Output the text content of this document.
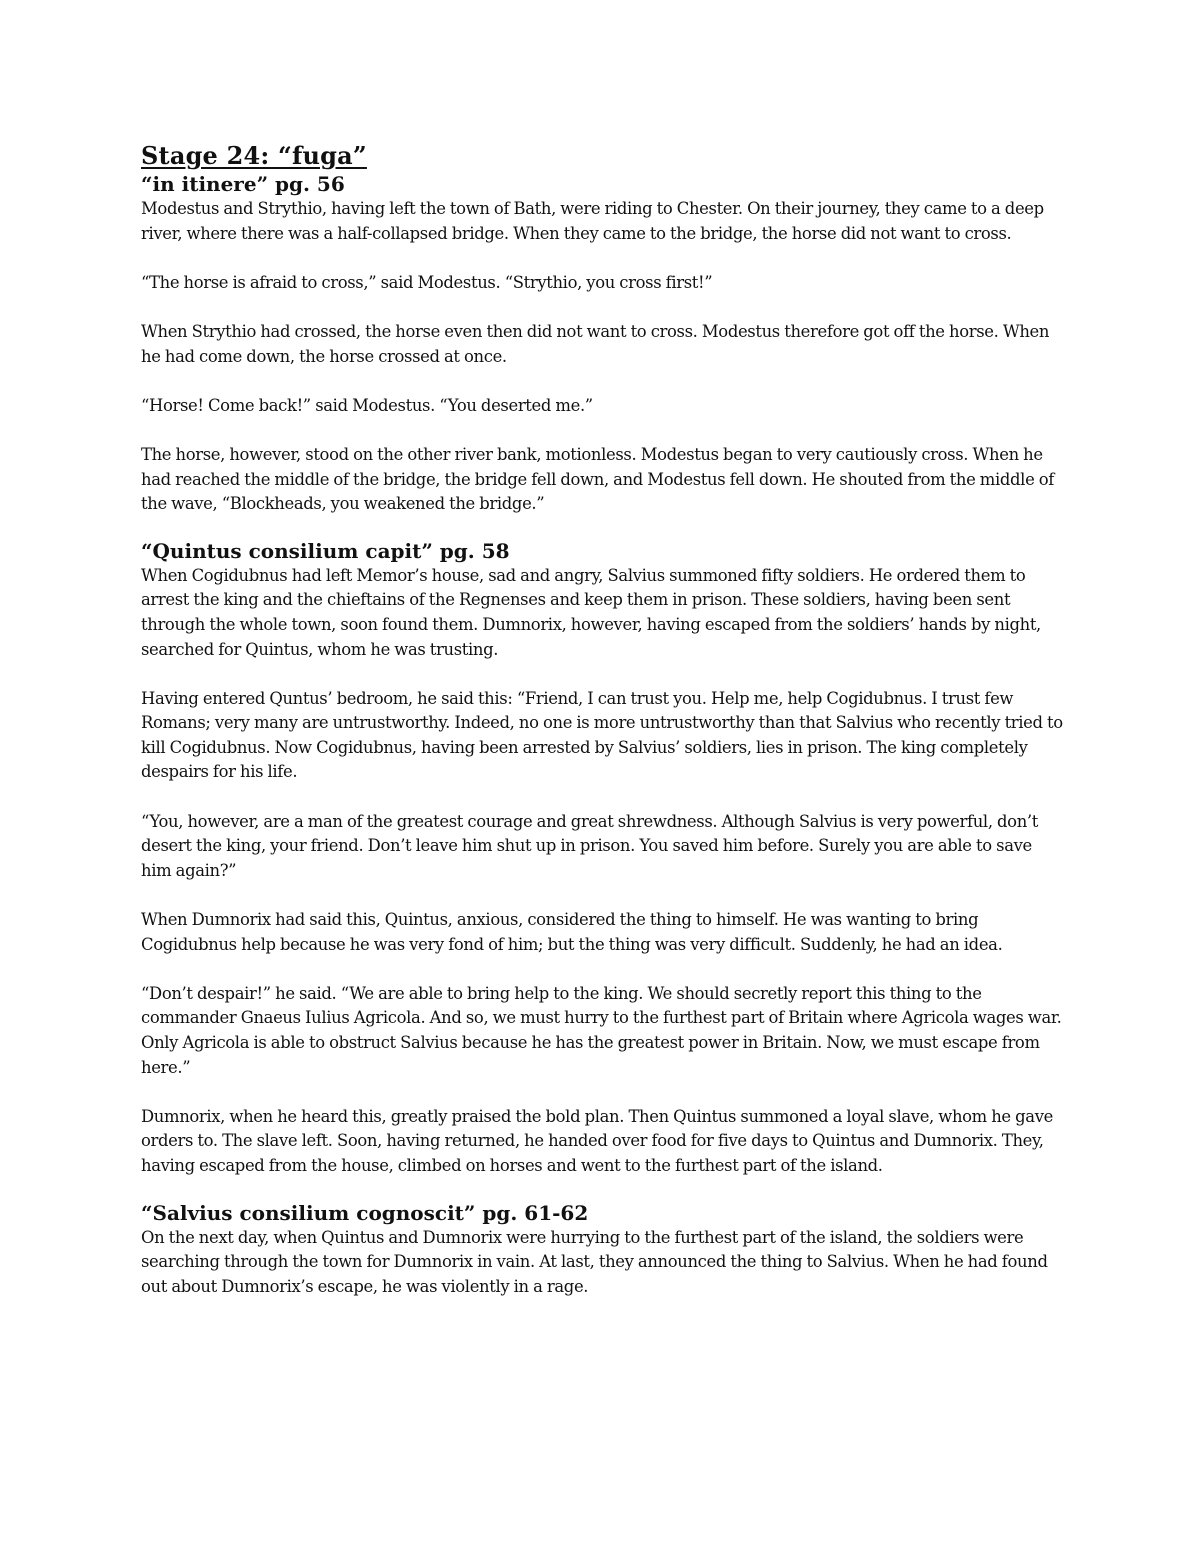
Stage 24: “fuga”
“in itinere” pg. 56

Modestus and Strythio, having left the town of Bath, were riding to Chester. On their journey, they came to a deep river, where there was a half-collapsed bridge. When they came to the bridge, the horse did not want to cross.

“The horse is afraid to cross,” said Modestus. “Strythio, you cross first!”

When Strythio had crossed, the horse even then did not want to cross. Modestus therefore got off the horse. When he had come down, the horse crossed at once.

“Horse! Come back!” said Modestus. “You deserted me.”

The horse, however, stood on the other river bank, motionless. Modestus began to very cautiously cross. When he had reached the middle of the bridge, the bridge fell down, and Modestus fell down. He shouted from the middle of the wave, “Blockheads, you weakened the bridge.”

“Quintus consilium capit” pg. 58

When Cogidubnus had left Memor’s house, sad and angry, Salvius summoned fifty soldiers. He ordered them to arrest the king and the chieftains of the Regnenses and keep them in prison. These soldiers, having been sent through the whole town, soon found them. Dumnorix, however, having escaped from the soldiers’ hands by night, searched for Quintus, whom he was trusting.

Having entered Quntus’ bedroom, he said this: “Friend, I can trust you. Help me, help Cogidubnus. I trust few Romans; very many are untrustworthy. Indeed, no one is more untrustworthy than that Salvius who recently tried to kill Cogidubnus. Now Cogidubnus, having been arrested by Salvius’ soldiers, lies in prison. The king completely despairs for his life.

“You, however, are a man of the greatest courage and great shrewdness. Although Salvius is very powerful, don’t desert the king, your friend. Don’t leave him shut up in prison. You saved him before. Surely you are able to save him again?”

When Dumnorix had said this, Quintus, anxious, considered the thing to himself. He was wanting to bring Cogidubnus help because he was very fond of him; but the thing was very difficult. Suddenly, he had an idea.

“Don’t despair!” he said. “We are able to bring help to the king. We should secretly report this thing to the commander Gnaeus Iulius Agricola. And so, we must hurry to the furthest part of Britain where Agricola wages war. Only Agricola is able to obstruct Salvius because he has the greatest power in Britain. Now, we must escape from here.”

Dumnorix, when he heard this, greatly praised the bold plan. Then Quintus summoned a loyal slave, whom he gave orders to. The slave left. Soon, having returned, he handed over food for five days to Quintus and Dumnorix. They, having escaped from the house, climbed on horses and went to the furthest part of the island.

“Salvius consilium cognoscit” pg. 61-62

On the next day, when Quintus and Dumnorix were hurrying to the furthest part of the island, the soldiers were searching through the town for Dumnorix in vain. At last, they announced the thing to Salvius. When he had found out about Dumnorix’s escape, he was violently in a rage.
